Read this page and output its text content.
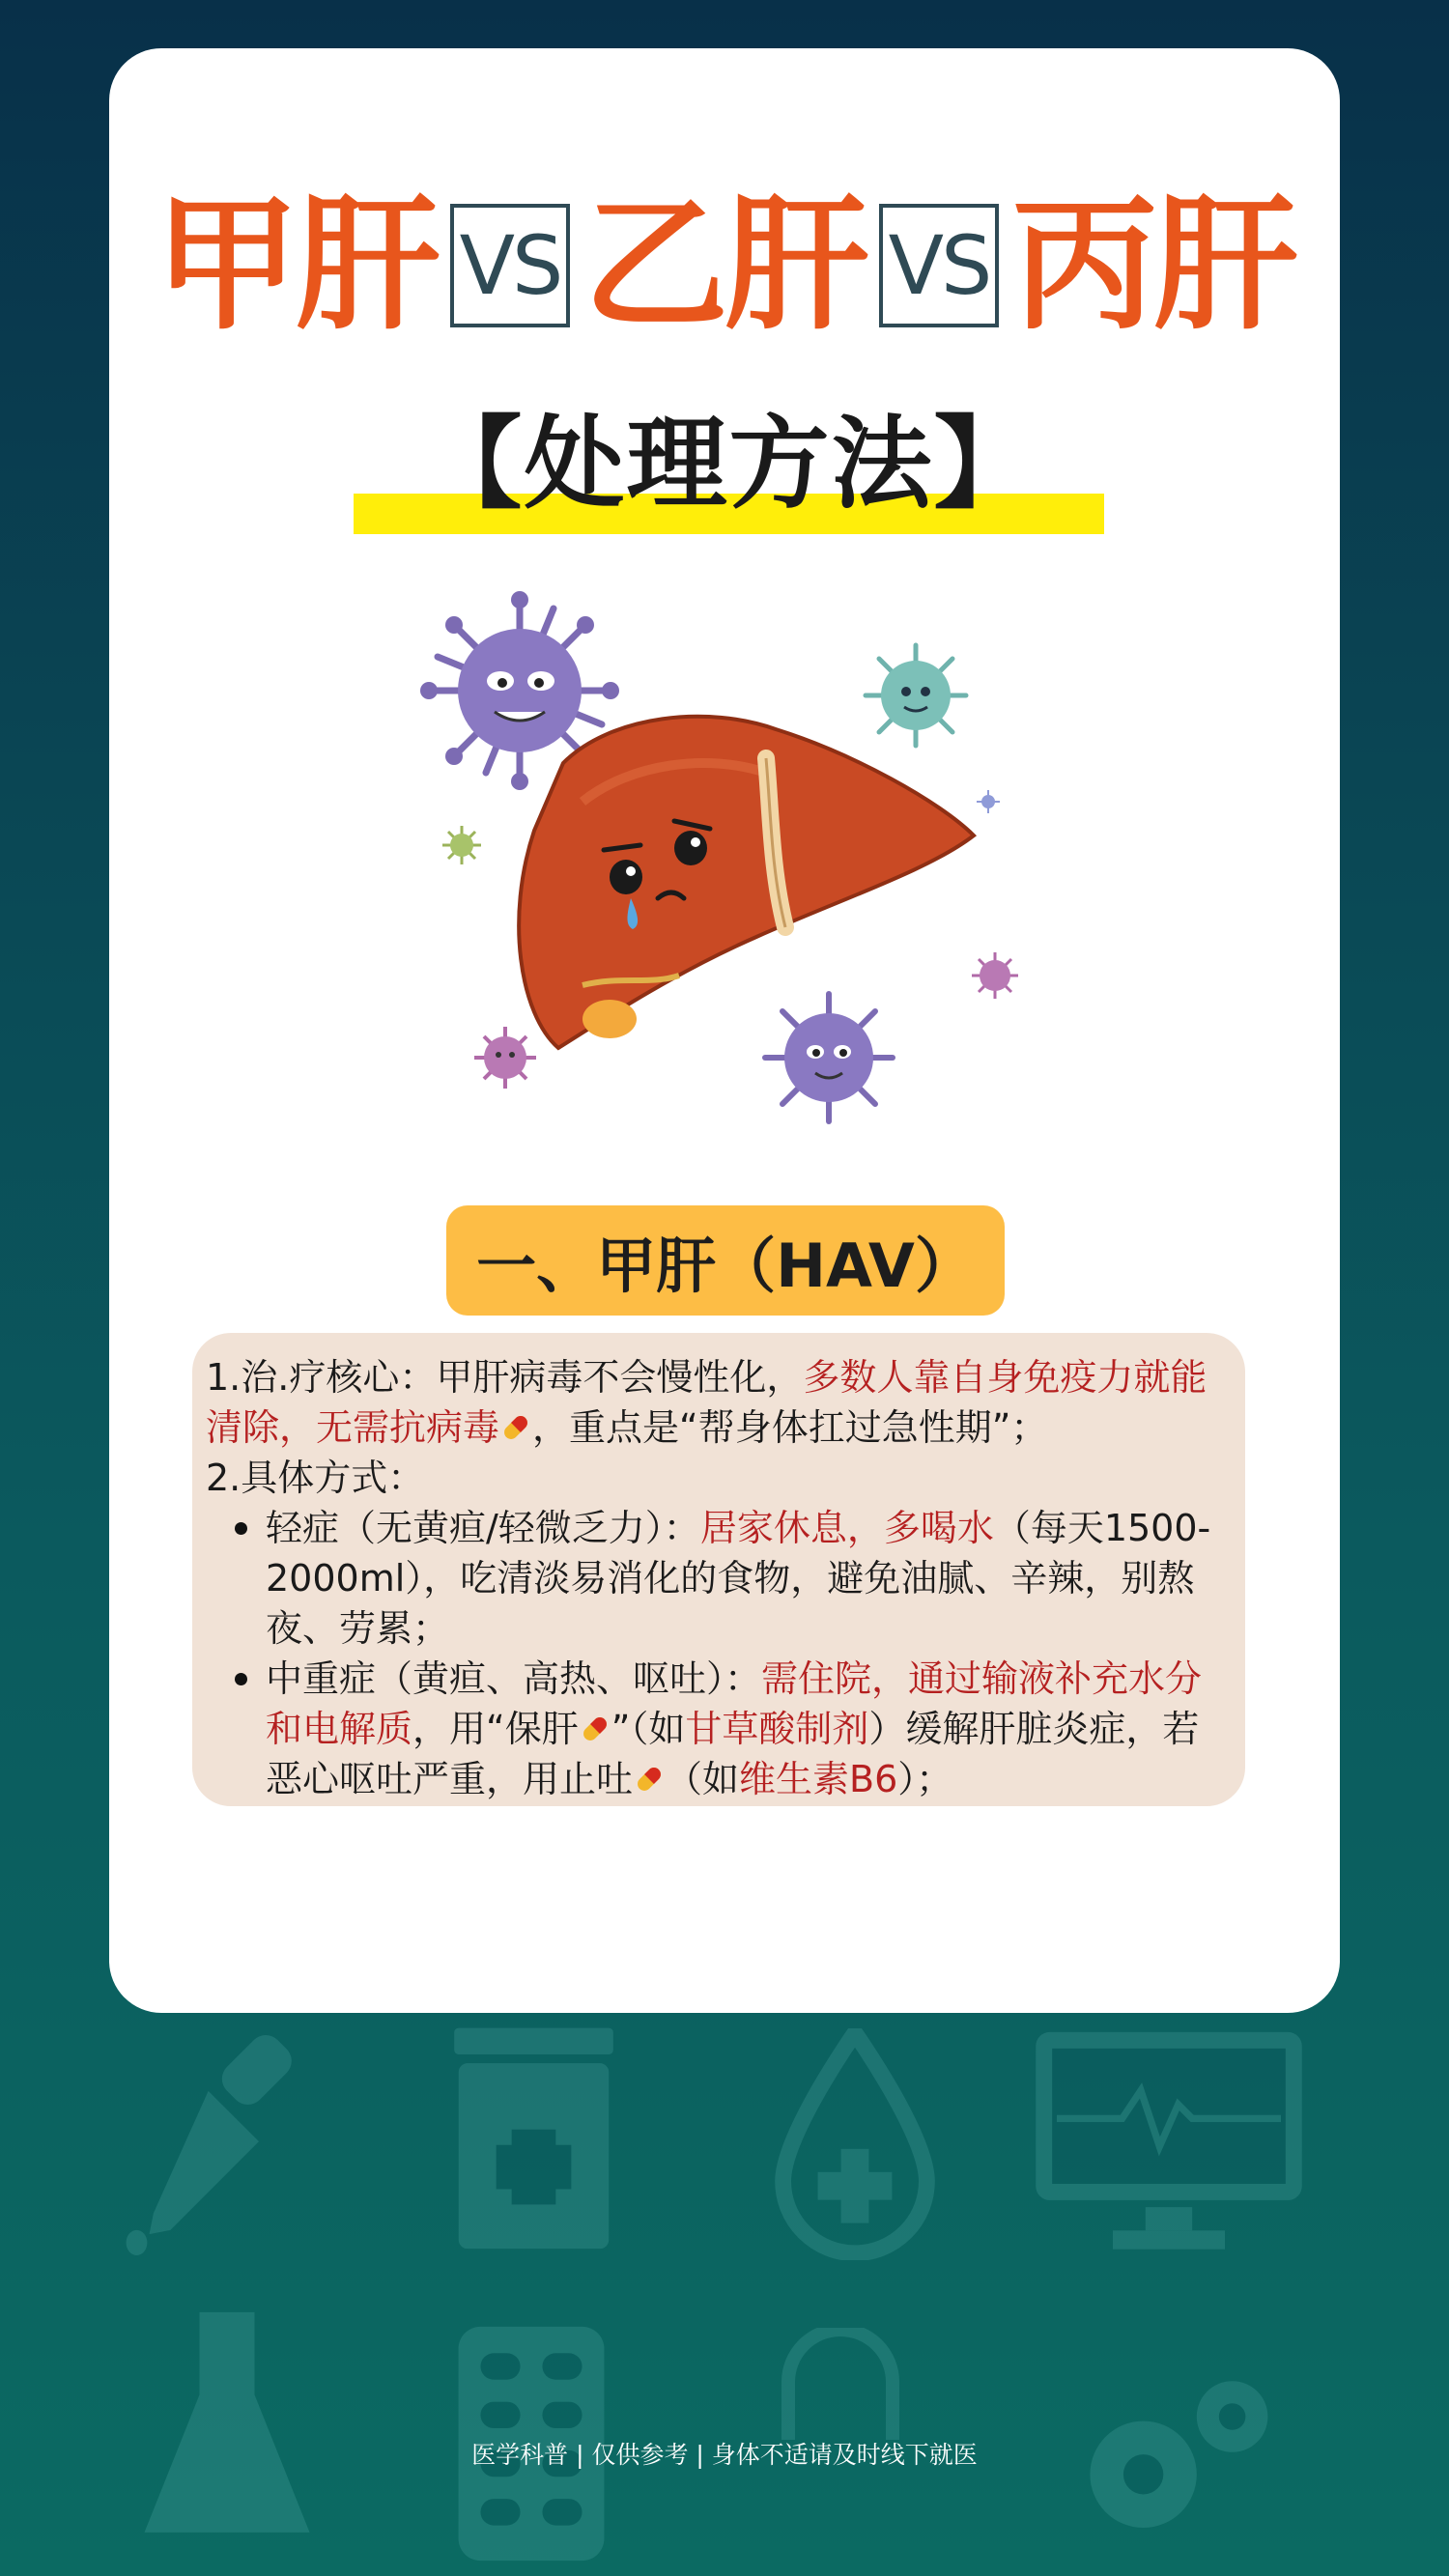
甲肝 VS 乙肝 VS 丙肝
【处理方法】
一、甲肝（HAV）

1.治.疗核心：甲肝病毒不会慢性化，多数人靠自身免疫力就能清除，无需抗病毒 ，重点是“帮身体扛过急性期”；

2.具体方式：

轻症（无黄疸/轻微乏力）：居家休息，多喝水（每天1500-2000ml），吃清淡易消化的食物，避免油腻、辛辣，别熬夜、劳累；
中重症（黄疸、高热、呕吐）：需住院，通过输液补充水分和电解质，用“保肝 ”（如甘草酸制剂）缓解肝脏炎症，若恶心呕吐严重，用止吐 （如维生素B6）；
医学科普 | 仅供参考 | 身体不适请及时线下就医
